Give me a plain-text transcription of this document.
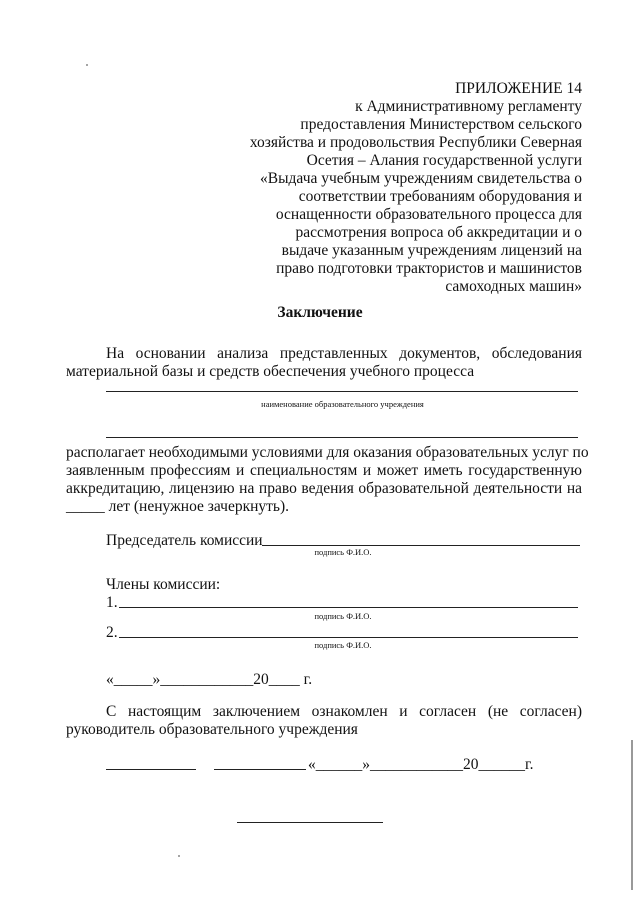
ПРИЛОЖЕНИЕ 14
к Административному регламенту
предоставления Министерством сельского
хозяйства и продовольствия Республики Северная
Осетия – Алания государственной услуги
«Выдача учебным учреждениям свидетельства о
соответствии требованиям оборудования и
оснащенности образовательного процесса для
рассмотрения вопроса об аккредитации и о
выдаче указанным учреждениям лицензий на
право подготовки трактористов и машинистов
самоходных машин»
Заключение
На основании анализа представленных документов, обследования
материальной базы и средств обеспечения учебного процесса
наименование образовательного учреждения
располагает необходимыми условиями для оказания образовательных услуг по
заявленным профессиям и специальностям и может иметь государственную
аккредитацию, лицензию на право ведения образовательной деятельности на
_____ лет (ненужное зачеркнуть).
Председатель комиссии
подпись Ф.И.О.
Члены комиссии:
1.
подпись Ф.И.О.
2.
подпись Ф.И.О.
«_____»____________20____ г.
С настоящим заключением ознакомлен и согласен (не согласен)
руководитель образовательного учреждения
«______»____________20______г.
